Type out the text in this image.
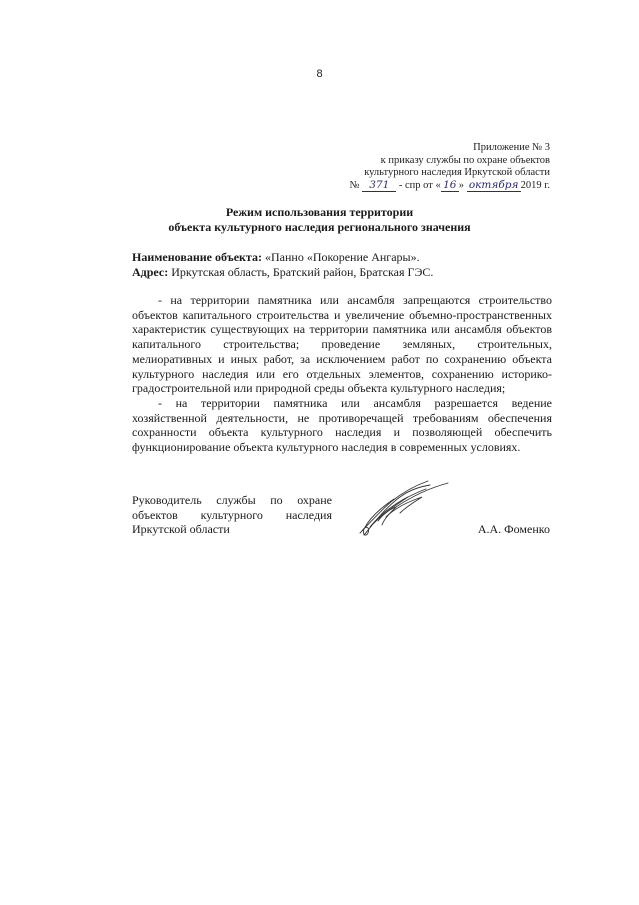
8
Приложение № 3
к приказу службы по охране объектов
культурного наследия Иркутской области
№ 371 - спр от « 16 » октября 2019 г.
Режим использования территории
объекта культурного наследия регионального значения
Наименование объекта: «Панно «Покорение Ангары».
Адрес: Иркутская область, Братский район, Братская ГЭС.

- на территории памятника или ансамбля запрещаются строительство объектов капитального строительства и увеличение объемно-пространственных характеристик существующих на территории памятника или ансамбля объектов капитального строительства; проведение земляных, строительных, мелиоративных и иных работ, за исключением работ по сохранению объекта культурного наследия или его отдельных элементов, сохранению историко-градостроительной или природной среды объекта культурного наследия;

- на территории памятника или ансамбля разрешается ведение хозяйственной деятельности, не противоречащей требованиям обеспечения сохранности объекта культурного наследия и позволяющей обеспечить функционирование объекта культурного наследия в современных условиях.

Руководитель службы по охране объектов культурного наследия Иркутской области	А.А. Фоменко
